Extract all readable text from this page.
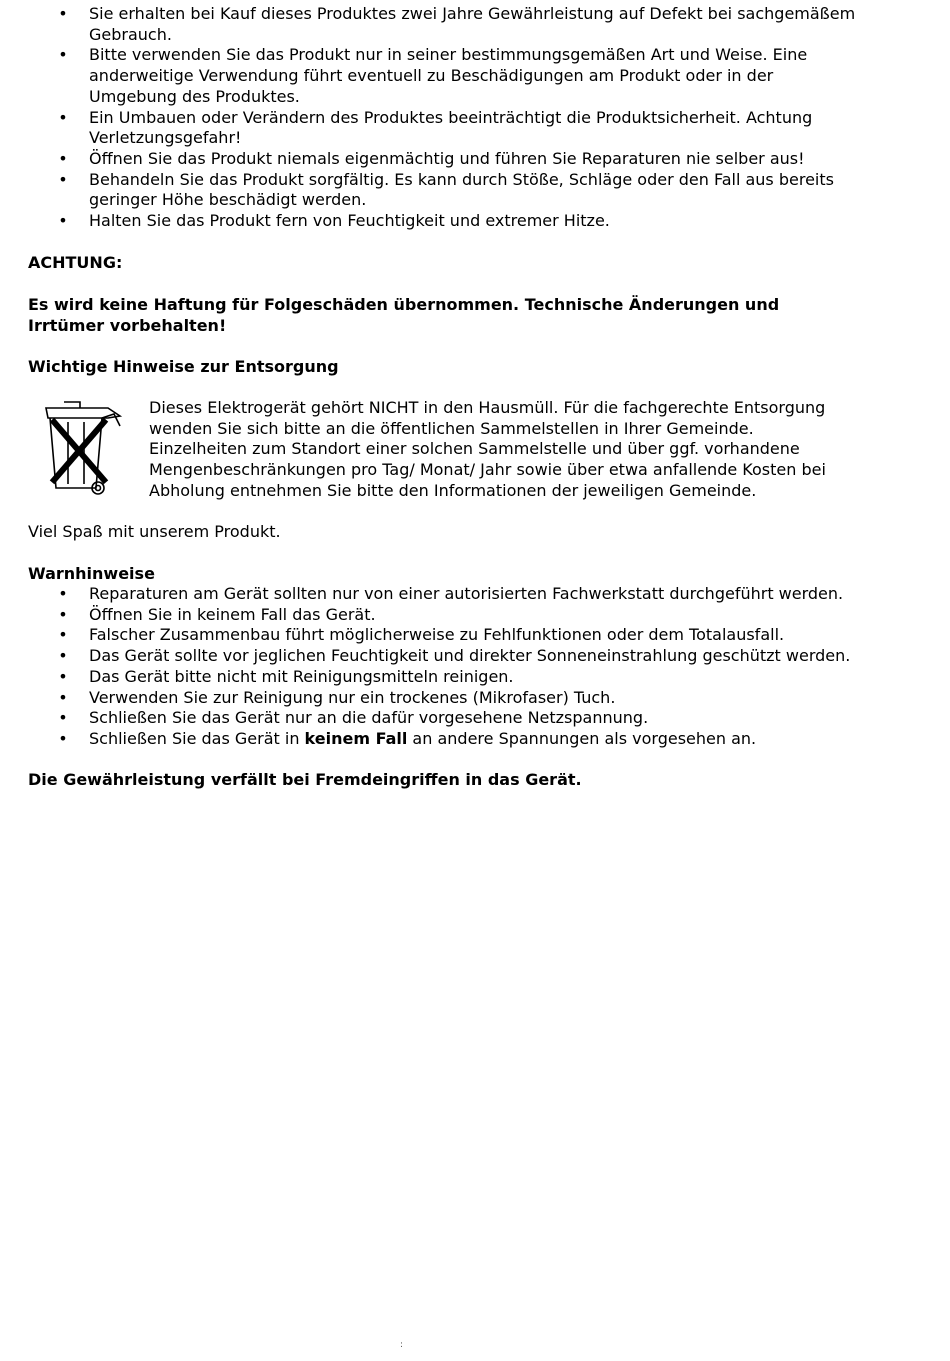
• Sie erhalten bei Kauf dieses Produktes zwei Jahre Gewährleistung auf Defekt bei sachgemäßem Gebrauch.
• Bitte verwenden Sie das Produkt nur in seiner bestimmungsgemäßen Art und Weise. Eine anderweitige Verwendung führt eventuell zu Beschädigungen am Produkt oder in der Umgebung des Produktes.
• Ein Umbauen oder Verändern des Produktes beeinträchtigt die Produktsicherheit. Achtung Verletzungsgefahr!
• Öffnen Sie das Produkt niemals eigenmächtig und führen Sie Reparaturen nie selber aus!
• Behandeln Sie das Produkt sorgfältig. Es kann durch Stöße, Schläge oder den Fall aus bereits geringer Höhe beschädigt werden.
• Halten Sie das Produkt fern von Feuchtigkeit und extremer Hitze.
ACHTUNG:
Es wird keine Haftung für Folgeschäden übernommen. Technische Änderungen und Irrtümer vorbehalten!
Wichtige Hinweise zur Entsorgung
Dieses Elektrogerät gehört NICHT in den Hausmüll. Für die fachgerechte Entsorgung wenden Sie sich bitte an die öffentlichen Sammelstellen in Ihrer Gemeinde. Einzelheiten zum Standort einer solchen Sammelstelle und über ggf. vorhandene Mengenbeschränkungen pro Tag/ Monat/ Jahr sowie über etwa anfallende Kosten bei Abholung entnehmen Sie bitte den Informationen der jeweiligen Gemeinde.
Viel Spaß mit unserem Produkt.
Warnhinweise
• Reparaturen am Gerät sollten nur von einer autorisierten Fachwerkstatt durchgeführt werden.
• Öffnen Sie in keinem Fall das Gerät.
• Falscher Zusammenbau führt möglicherweise zu Fehlfunktionen oder dem Totalausfall.
• Das Gerät sollte vor jeglichen Feuchtigkeit und direkter Sonneneinstrahlung geschützt werden.
• Das Gerät bitte nicht mit Reinigungsmitteln reinigen.
• Verwenden Sie zur Reinigung nur ein trockenes (Mikrofaser) Tuch.
• Schließen Sie das Gerät nur an die dafür vorgesehene Netzspannung.
• Schließen Sie das Gerät in keinem Fall an andere Spannungen als vorgesehen an.
Die Gewährleistung verfällt bei Fremdeingriffen in das Gerät.
:
